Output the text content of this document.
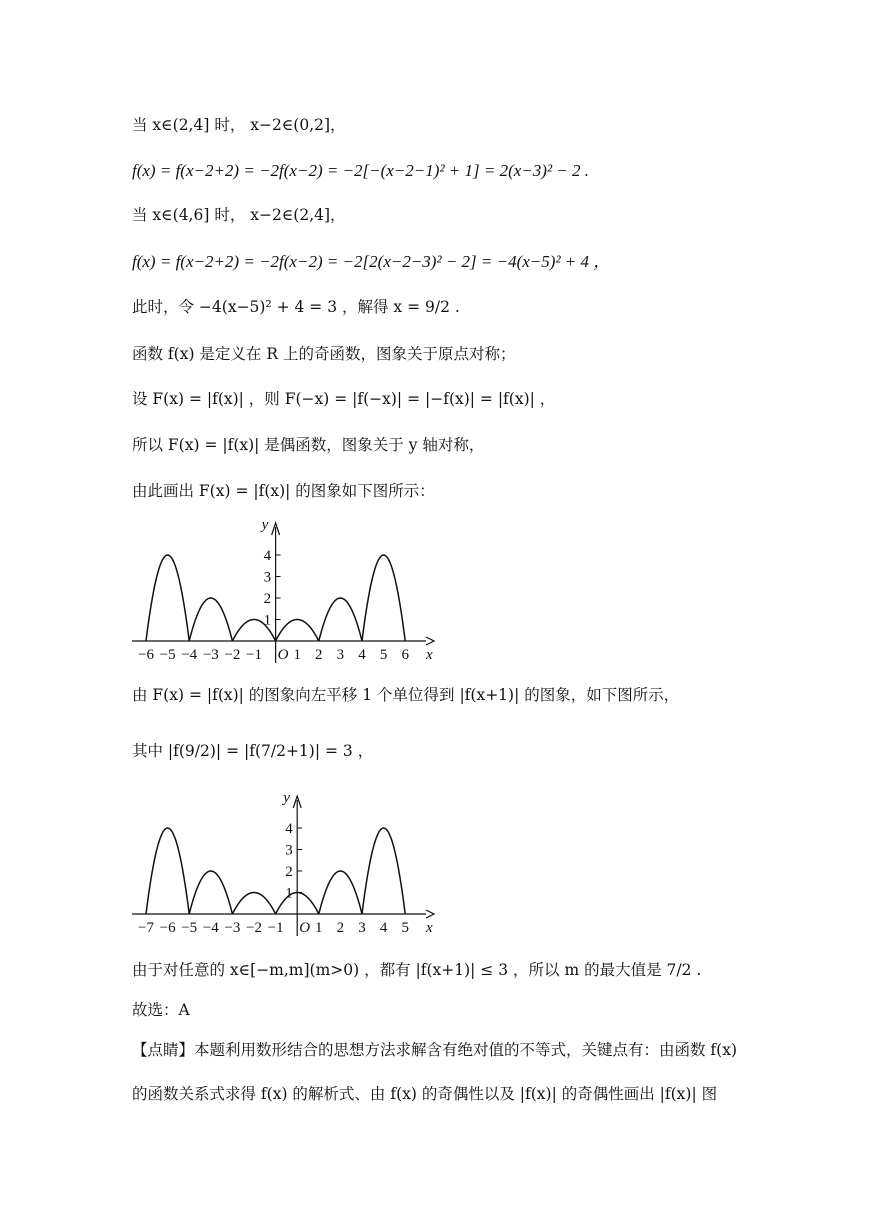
当 x∈(2,4] 时， x−2∈(0,2]，
f(x) = f(x−2+2) = −2f(x−2) = −2[−(x−2−1)² + 1] = 2(x−3)² − 2 .
当 x∈(4,6] 时， x−2∈(2,4]，
f(x) = f(x−2+2) = −2f(x−2) = −2[2(x−2−3)² − 2] = −4(x−5)² + 4 ，
此时，令 −4(x−5)² + 4 = 3 ，解得 x = 9/2 .
函数 f(x) 是定义在 R 上的奇函数，图象关于原点对称；
设 F(x) = |f(x)| ，则 F(−x) = |f(−x)| = |−f(x)| = |f(x)| ，
所以 F(x) = |f(x)| 是偶函数，图象关于 y 轴对称，
由此画出 F(x) = |f(x)| 的图象如下图所示：
y
x
O
1
2
3
4
−6 −5 −4 −3 −2 −1 1 2 3 4 5 6
由 F(x) = |f(x)| 的图象向左平移 1 个单位得到 |f(x+1)| 的图象，如下图所示，
其中 |f(9/2)| = |f(7/2+1)| = 3 ，
y
x
O
1
2
3
4
−7 −6 −5 −4 −3 −2 −1 1 2 3 4 5
由于对任意的 x∈[−m,m](m>0) ，都有 |f(x+1)| ≤ 3 ，所以 m 的最大值是 7/2 .
故选：A
【点睛】本题利用数形结合的思想方法求解含有绝对值的不等式，关键点有：由函数 f(x)
的函数关系式求得 f(x) 的解析式、由 f(x) 的奇偶性以及 |f(x)| 的奇偶性画出 |f(x)| 图
